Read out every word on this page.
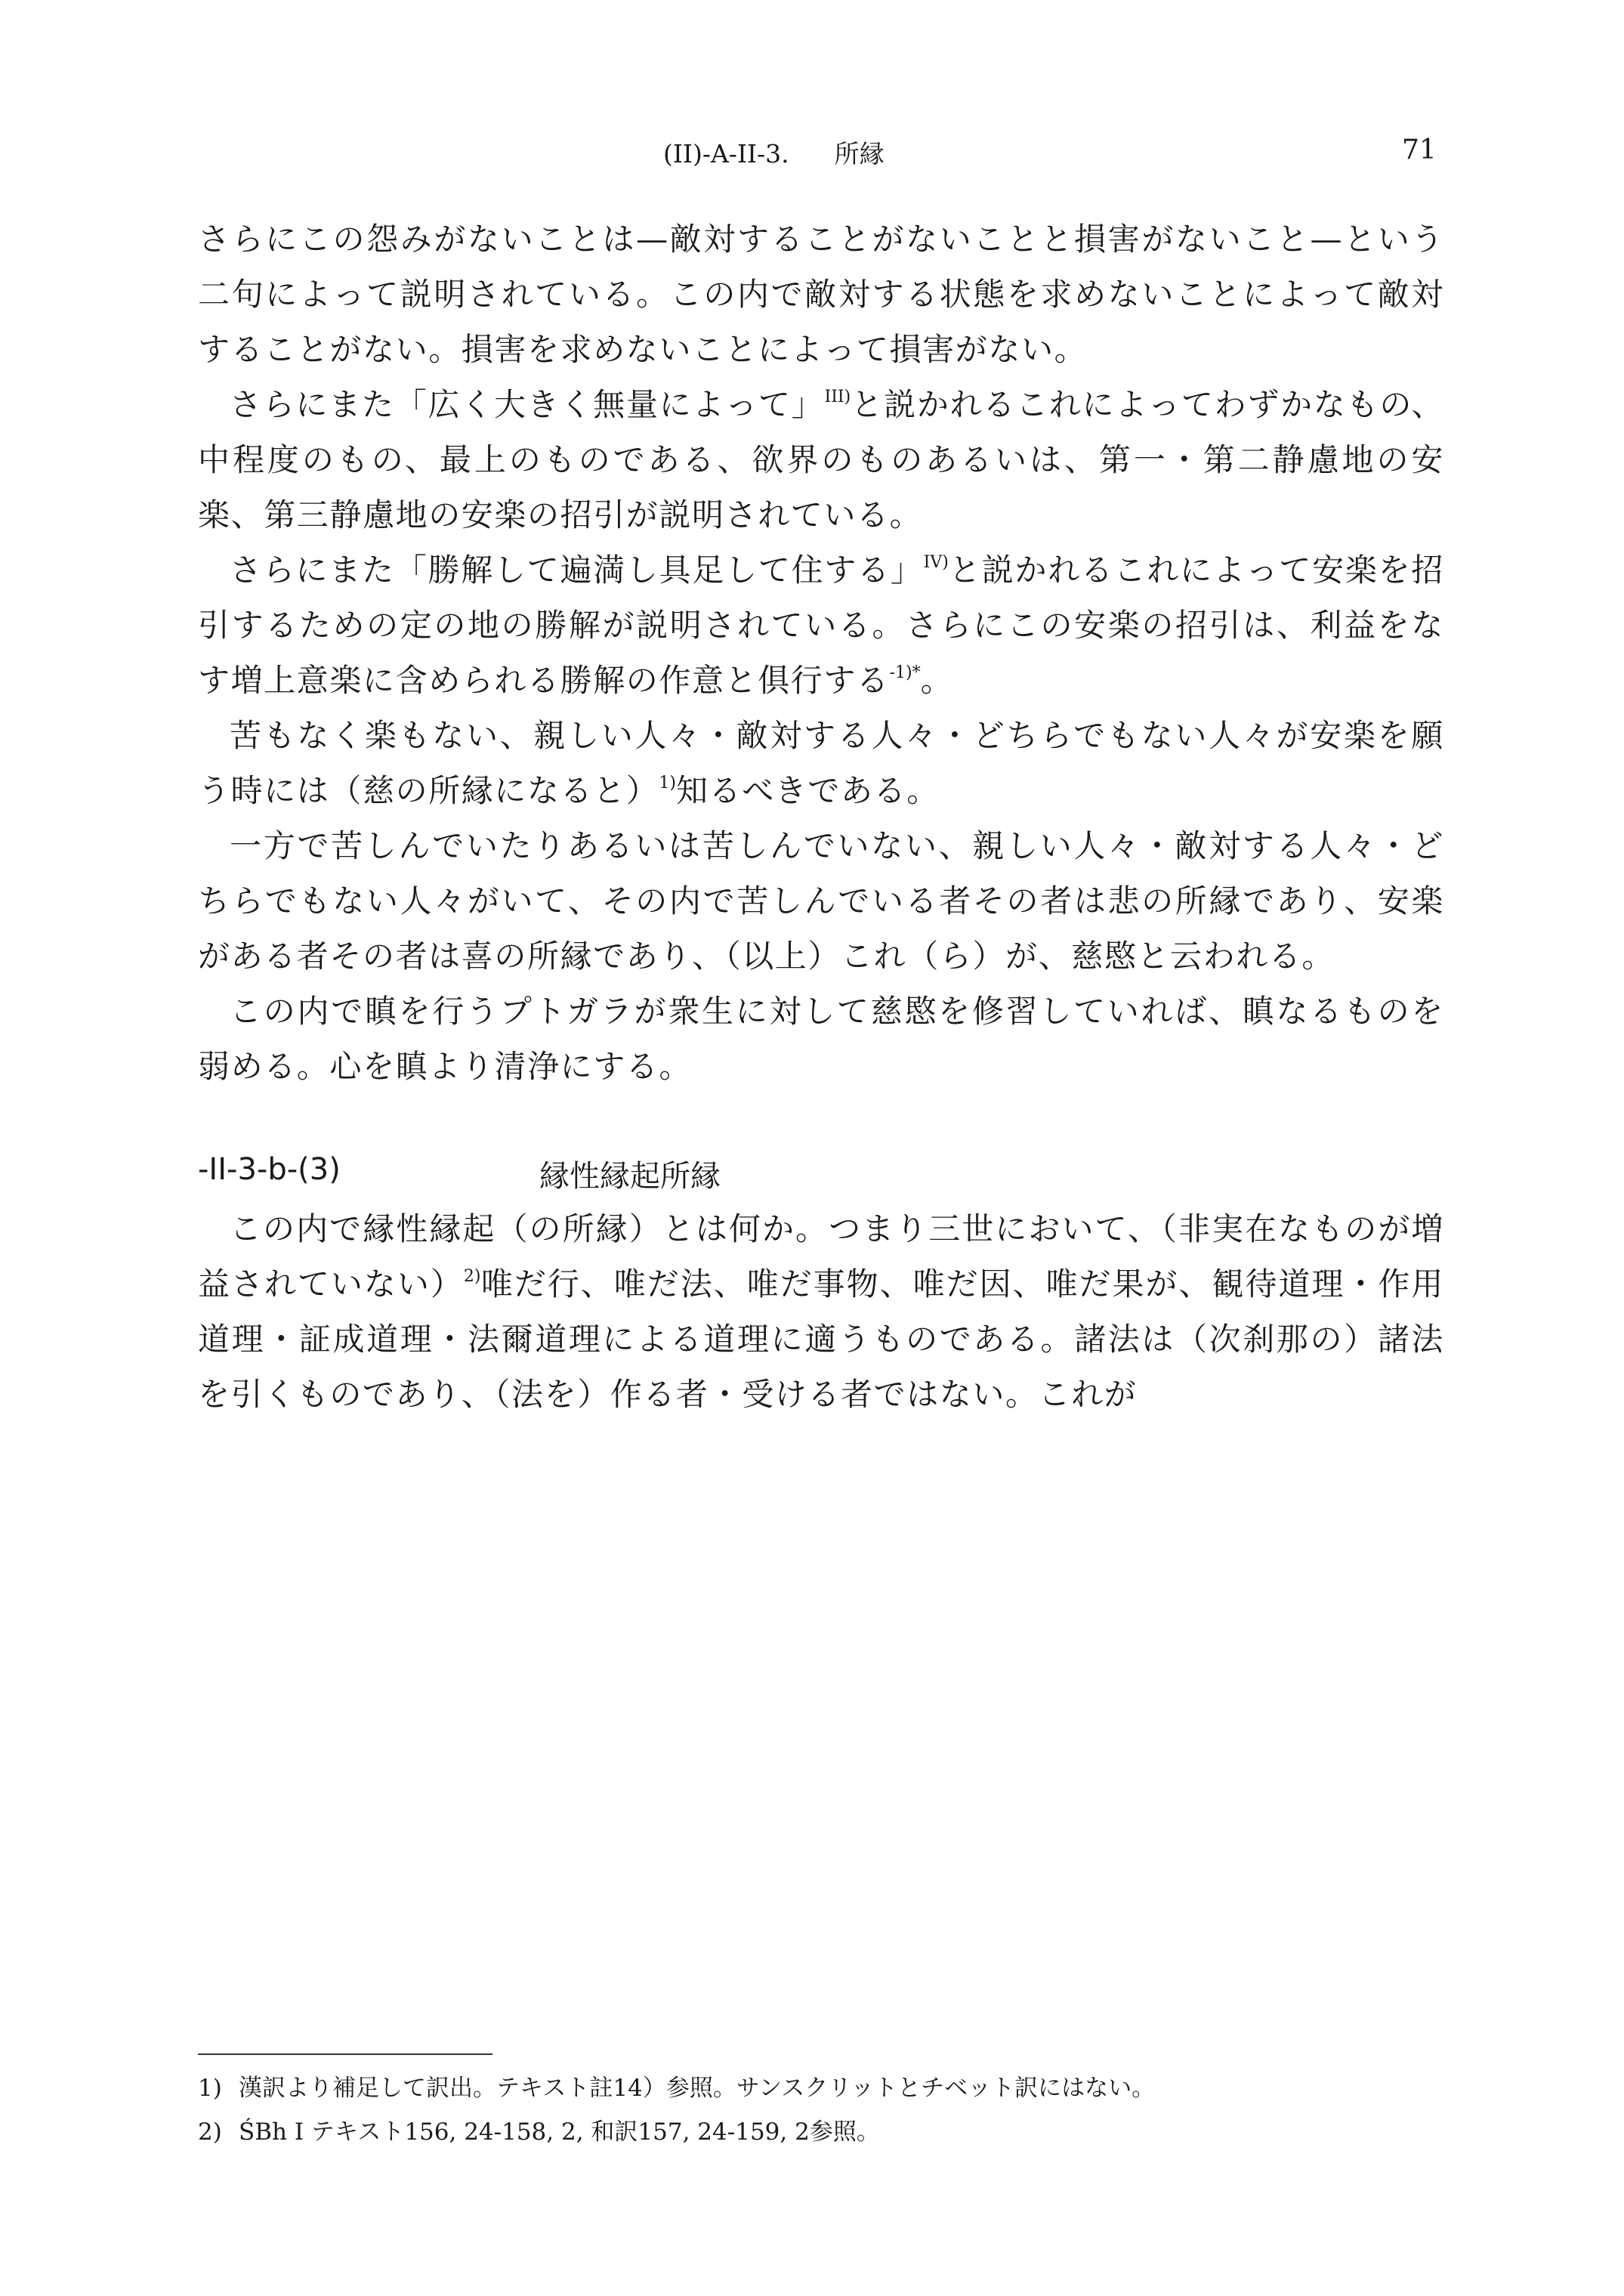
(II)-A-II-3. 所縁	71

さらにこの怨みがないことは—敵対することがないことと損害がないこと—という二句によって説明されている。この内で敵対する状態を求めないことによって敵対することがない。損害を求めないことによって損害がない。

さらにまた「広く大きく無量によって」$^{III)}$と説かれるこれによってわずかなもの、中程度のもの、最上のものである、欲界のものあるいは、第一・第二静慮地の安楽、第三静慮地の安楽の招引が説明されている。

さらにまた「勝解して遍満し具足して住する」$^{IV)}$と説かれるこれによって安楽を招引するための定の地の勝解が説明されている。さらにこの安楽の招引は、利益をなす増上意楽に含められる勝解の作意と俱行する$^{-1)*}$。

苦もなく楽もない、親しい人々・敵対する人々・どちらでもない人々が安楽を願う時には（慈の所縁になると）$^{1)}$知るべきである。

一方で苦しんでいたりあるいは苦しんでいない、親しい人々・敵対する人々・どちらでもない人々がいて、その内で苦しんでいる者その者は悲の所縁であり、安楽がある者その者は喜の所縁であり、（以上）これ（ら）が、慈愍と云われる。

この内で瞋を行うプトガラが衆生に対して慈愍を修習していれば、瞋なるものを弱める。心を瞋より清浄にする。

-II-3-b-(3)	縁性縁起所縁

この内で縁性縁起（の所縁）とは何か。つまり三世において、（非実在なものが増益されていない）$^{2)}$唯だ行、唯だ法、唯だ事物、唯だ因、唯だ果が、観待道理・作用道理・証成道理・法爾道理による道理に適うものである。諸法は（次刹那の）諸法を引くものであり、（法を）作る者・受ける者ではない。これが

1) 漢訳より補足して訳出。テキスト註14）参照。サンスクリットとチベット訳にはない。
2) ŚBh I テキスト156, 24-158, 2, 和訳157, 24-159, 2参照。
